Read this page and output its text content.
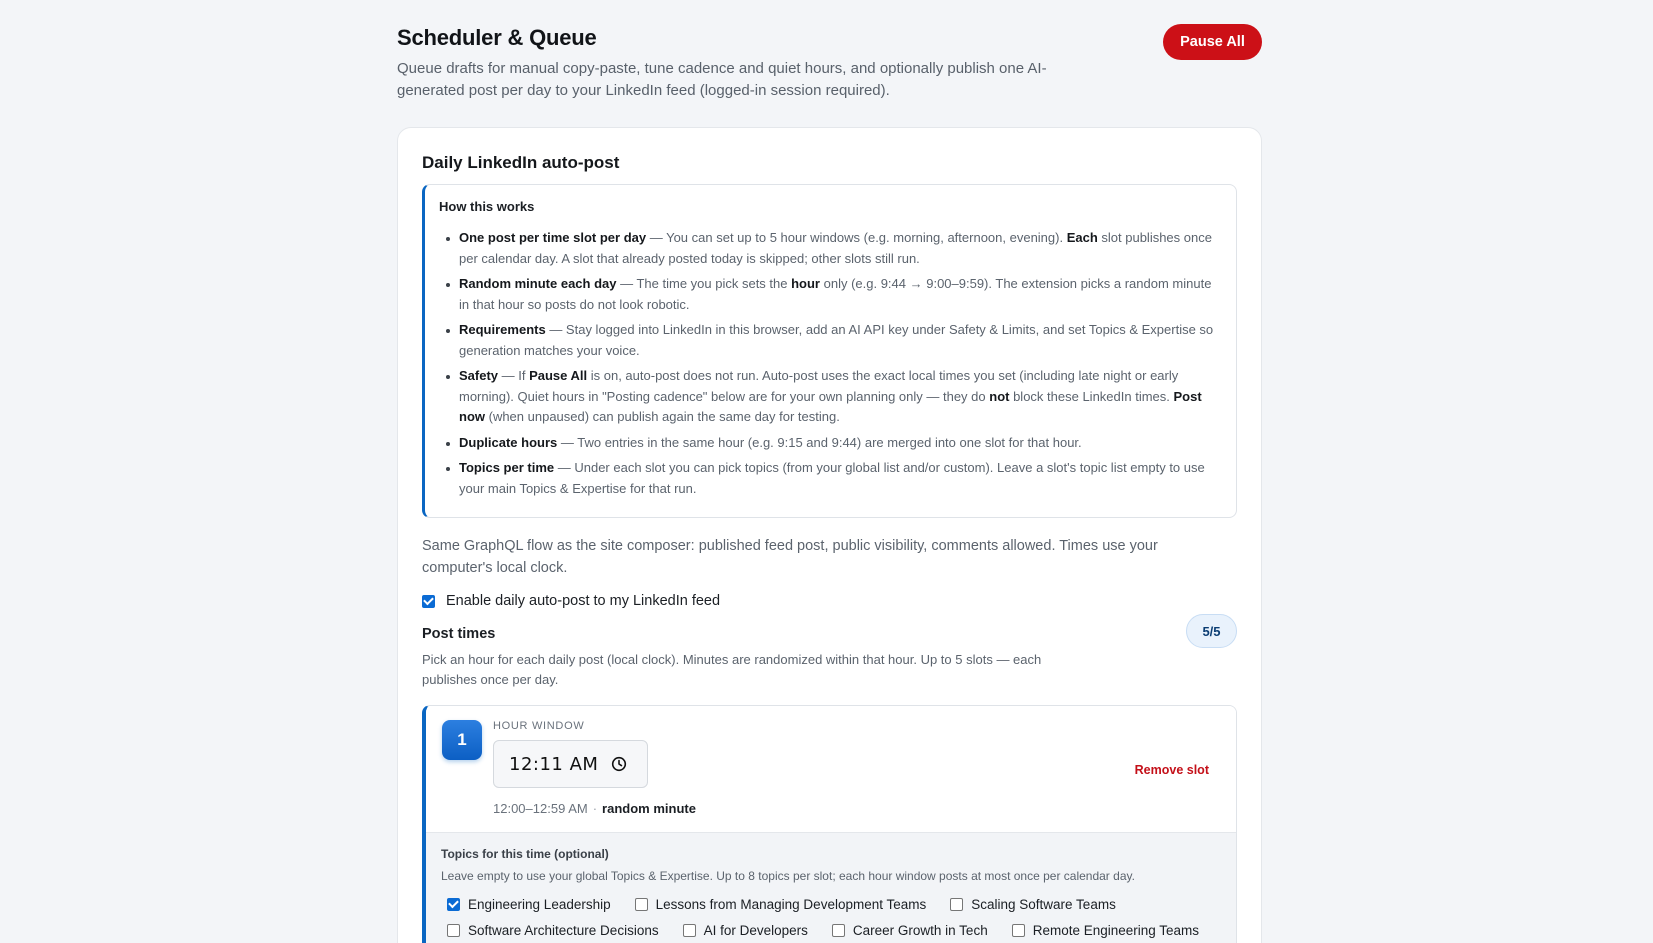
Scheduler & Queue

Queue drafts for manual copy-paste, tune cadence and quiet hours, and optionally publish one AI-generated post per day to your LinkedIn feed (logged-in session required).

Pause All
Daily LinkedIn auto-post
How this works
One post per time slot per day — You can set up to 5 hour windows (e.g. morning, afternoon, evening). Each slot publishes once per calendar day. A slot that already posted today is skipped; other slots still run.
Random minute each day — The time you pick sets the hour only (e.g. 9:44 → 9:00–9:59). The extension picks a random minute in that hour so posts do not look robotic.
Requirements — Stay logged into LinkedIn in this browser, add an AI API key under Safety & Limits, and set Topics & Expertise so generation matches your voice.
Safety — If Pause All is on, auto-post does not run. Auto-post uses the exact local times you set (including late night or early morning). Quiet hours in "Posting cadence" below are for your own planning only — they do not block these LinkedIn times. Post now (when unpaused) can publish again the same day for testing.
Duplicate hours — Two entries in the same hour (e.g. 9:15 and 9:44) are merged into one slot for that hour.
Topics per time — Under each slot you can pick topics (from your global list and/or custom). Leave a slot's topic list empty to use your main Topics & Expertise for that run.

Same GraphQL flow as the site composer: published feed post, public visibility, comments allowed. Times use your computer's local clock.

Enable daily auto-post to my LinkedIn feed
Post times

Pick an hour for each daily post (local clock). Minutes are randomized within that hour. Up to 5 slots — each publishes once per day.

5/5
1
HOUR WINDOW
12:11 AM
12:00–12:59 AM · random minute
Remove slot
Topics for this time (optional)
Leave empty to use your global Topics & Expertise. Up to 8 topics per slot; each hour window posts at most once per calendar day.
Engineering Leadership	Lessons from Managing Development Teams	Scaling Software Teams
Software Architecture Decisions	AI for Developers	Career Growth in Tech	Remote Engineering Teams
